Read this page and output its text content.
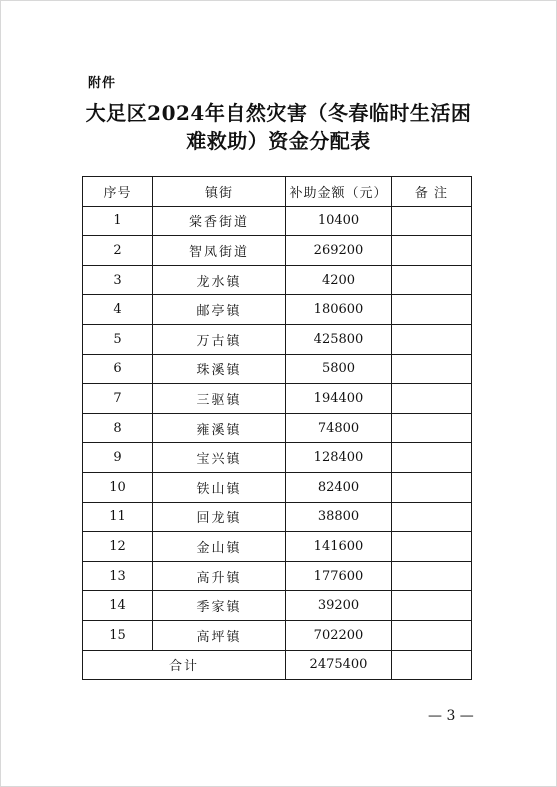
附件
大足区2024年自然灾害（冬春临时生活困
难救助）资金分配表
序号	镇街	补助金额（元）	备 注
1	棠香街道	10400	
2	智凤街道	269200	
3	龙水镇	4200	
4	邮亭镇	180600	
5	万古镇	425800	
6	珠溪镇	5800	
7	三驱镇	194400	
8	雍溪镇	74800	
9	宝兴镇	128400	
10	铁山镇	82400	
11	回龙镇	38800	
12	金山镇	141600	
13	高升镇	177600	
14	季家镇	39200	
15	高坪镇	702200	
合计		2475400	
— 3 —
